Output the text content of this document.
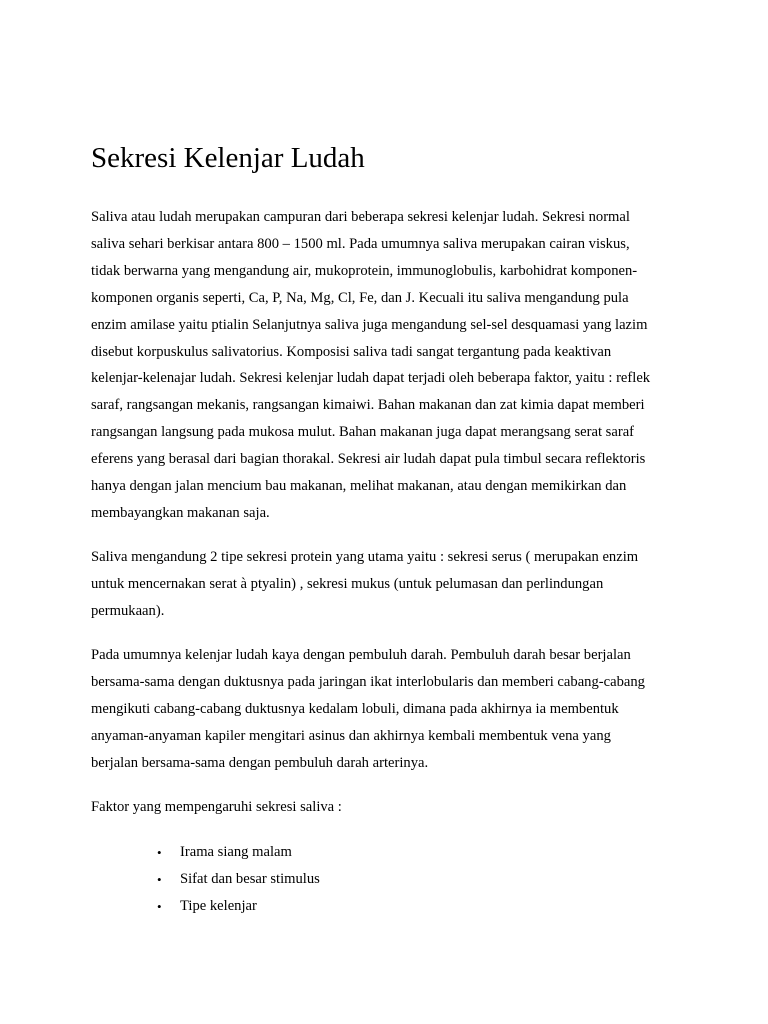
Sekresi Kelenjar Ludah

Saliva atau ludah merupakan campuran dari beberapa sekresi kelenjar ludah. Sekresi normal
saliva sehari berkisar antara 800 – 1500 ml. Pada umumnya saliva merupakan cairan viskus,
tidak berwarna yang mengandung air, mukoprotein, immunoglobulis, karbohidrat komponen-
komponen organis seperti, Ca, P, Na, Mg, Cl, Fe, dan J. Kecuali itu saliva mengandung pula
enzim amilase yaitu ptialin Selanjutnya saliva juga mengandung sel-sel desquamasi yang lazim
disebut korpuskulus salivatorius. Komposisi saliva tadi sangat tergantung pada keaktivan
kelenjar-kelenajar ludah. Sekresi kelenjar ludah dapat terjadi oleh beberapa faktor, yaitu : reflek
saraf, rangsangan mekanis, rangsangan kimaiwi. Bahan makanan dan zat kimia dapat memberi
rangsangan langsung pada mukosa mulut. Bahan makanan juga dapat merangsang serat saraf
eferens yang berasal dari bagian thorakal. Sekresi air ludah dapat pula timbul secara reflektoris
hanya dengan jalan mencium bau makanan, melihat makanan, atau dengan memikirkan dan
membayangkan makanan saja.

Saliva mengandung 2 tipe sekresi protein yang utama yaitu : sekresi serus ( merupakan enzim
untuk mencernakan serat à ptyalin) , sekresi mukus (untuk pelumasan dan perlindungan
permukaan).

Pada umumnya kelenjar ludah kaya dengan pembuluh darah. Pembuluh darah besar berjalan
bersama-sama dengan duktusnya pada jaringan ikat interlobularis dan memberi cabang-cabang
mengikuti cabang-cabang duktusnya kedalam lobuli, dimana pada akhirnya ia membentuk
anyaman-anyaman kapiler mengitari asinus dan akhirnya kembali membentuk vena yang
berjalan bersama-sama dengan pembuluh darah arterinya.

Faktor yang mempengaruhi sekresi saliva :

• Irama siang malam
• Sifat dan besar stimulus
• Tipe kelenjar
